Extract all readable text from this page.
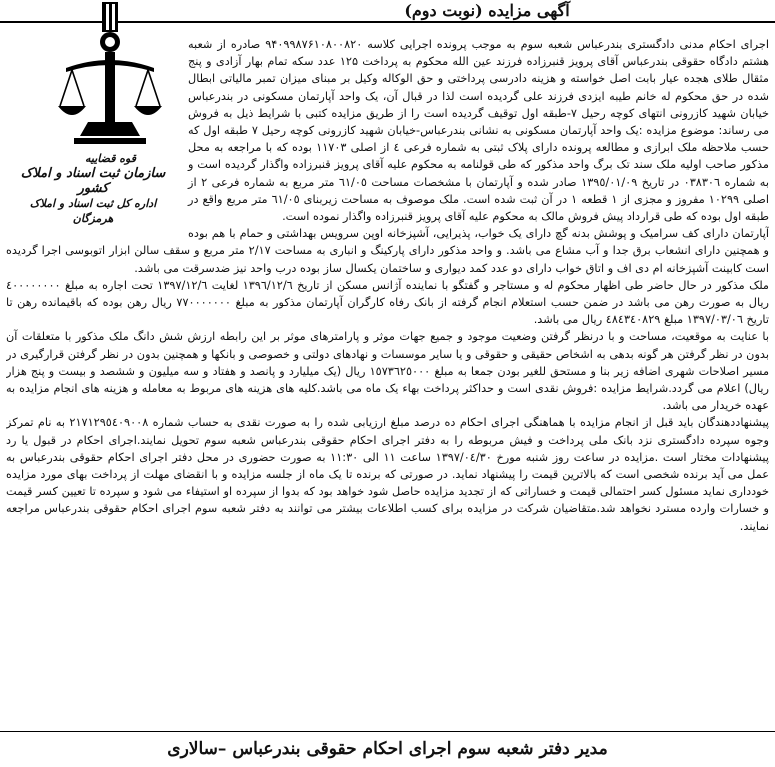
آگهی مزایده (نوبت دوم)
قوه قضاییه
سازمان ثبت اسناد و املاک کشور
اداره کل ثبت اسناد و املاک هرمزگان

اجرای احکام مدنی دادگستری بندرعباس شعبه سوم به موجب پرونده اجرایی کلاسه ۹۴۰۹۹۸۷۶۱۰۸۰۰۸۲۰ صادره از شعبه هشتم دادگاه حقوقی بندرعباس آقای پرویز قنبرزاده فرزند عین الله محکوم به پرداخت ۱۲۵ عدد سکه تمام بهار آزادی و پنج مثقال طلای هجده عیار بابت اصل خواسته و هزینه دادرسی پرداختی و حق الوکاله وکیل بر مبنای میزان تمبر مالیاتی ابطال شده در حق محکوم له خانم طیبه ایزدی فرزند علی گردیده است لذا در قبال آن، یک واحد آپارتمان مسکونی در بندرعباس خیابان شهید کازرونی انتهای کوچه رحیل ۷-طبقه اول توقیف گردیده است را از طریق مزایده کتبی با شرایط ذیل به فروش می رساند: موضوع مزایده :یک واحد آپارتمان مسکونی به نشانی بندرعباس-خیابان شهید کازرونی کوچه رحیل ۷ طبقه اول که حسب ملاحظه ملک ابرازی و مطالعه پرونده دارای پلاک ثبتی به شماره فرعی ٤ از اصلی ۱۱۷۰۳ بوده که با مراجعه به محل مذکور صاحب اولیه ملک سند تک برگ واحد مذکور که طی قولنامه به محکوم علیه آقای پرویز قنبرزاده واگذار گردیده است و به شماره ۰۳۸۳۰٦ در تاریخ ۱۳۹٥/۰۱/۰۹ صادر شده و آپارتمان با مشخصات مساحت ٦۱/۰٥ متر مربع به شماره فرعی ۲ از اصلی ۱۰۲۹۹ مفروز و مجزی از ۱ قطعه ۱ در آن ثبت شده است. ملک موصوف به مساحت زیربنای ٦۱/۰٥ متر مربع واقع در طبقه اول بوده که طی قرارداد پیش فروش مالک به محکوم علیه آقای پرویز قنبرزاده واگذار نموده است.

آپارتمان دارای کف سرامیک و پوشش بدنه گچ دارای یک خواب، پذیرایی، آشپزخانه اوپن سرویس بهداشتی و حمام با هم بوده و همچنین دارای انشعاب برق جدا و آب مشاع می باشد. و واحد مذکور دارای پارکینگ و انباری به مساحت ۲/۱۷ متر مربع و سقف سالن ابزار اتوبوسی اجرا گردیده است کابینت آشپزخانه ام دی اف و اتاق خواب دارای دو عدد کمد دیواری و ساختمان یکسال ساز بوده درب واحد نیز ضدسرقت می باشد.

ملک مذکور در حال حاضر طی اظهار محکوم له و مستاجر و گفتگو با نماینده آژانس مسکن از تاریخ ۱۳۹٦/۱۲/٦ لغایت ۱۳۹۷/۱۲/٦ تحت اجاره به مبلغ ٤۰۰۰۰۰۰۰۰ ریال به صورت رهن می باشد در ضمن حسب استعلام انجام گرفته از بانک رفاه کارگران آپارتمان مذکور به مبلغ ۷۷۰۰۰۰۰۰۰ ریال رهن بوده که باقیمانده رهن تا تاریخ ۱۳۹۷/۰۳/۰٦ مبلغ ٤۸٤۳٤۰۸۲۹ ریال می باشد.

با عنایت به موقعیت، مساحت و با درنظر گرفتن وضعیت موجود و جمیع جهات موثر و پارامترهای موثر بر این رابطه ارزش شش دانگ ملک مذکور با متعلقات آن بدون در نظر گرفتن هر گونه بدهی به اشخاص حقیقی و حقوقی و یا سایر موسسات و نهادهای دولتی و خصوصی و بانکها و همچنین بدون در نظر گرفتن قرارگیری در مسیر اصلاحات شهری اضافه زیر بنا و مستحق للغیر بودن جمعا به مبلغ ۱٥۷۳٦۲٥۰۰۰ ریال (یک میلیارد و پانصد و هفتاد و سه میلیون و ششصد و بیست و پنج هزار ریال) اعلام می گردد.شرایط مزایده :فروش نقدی است و حداکثر پرداخت بهاء یک ماه می باشد.کلیه های هزینه های مربوط به معامله و هزینه های انجام مزایده به عهده خریدار می باشد.

پیشنهاددهندگان باید قبل از انجام مزایده با هماهنگی اجرای احکام ده درصد مبلغ ارزیابی شده را به صورت نقدی به حساب شماره ۲۱۷۱۲۹٥٤۰۹۰۰۸ به نام تمرکز وجوه سپرده دادگستری نزد بانک ملی پرداخت و فیش مربوطه را به دفتر اجرای احکام حقوقی بندرعباس شعبه سوم تحویل نمایند.اجرای احکام در قبول یا رد پیشنهادات مختار است .مزایده در ساعت روز شنبه مورخ ۱۳۹۷/۰٤/۳۰ ساعت ۱۱ الی ۱۱:۳۰ به صورت حضوری در محل دفتر اجرای احکام حقوقی بندرعباس به عمل می آید برنده شخصی است که بالاترین قیمت را پیشنهاد نماید. در صورتی که برنده تا یک ماه از جلسه مزایده و با انقضای مهلت از پرداخت بهای مورد مزایده خودداری نماید مسئول کسر احتمالی قیمت و خساراتی که از تجدید مزایده حاصل شود خواهد بود که بدوا از سپرده او استیفاء می شود و سپرده تا تعیین کسر قیمت و خسارات وارده مسترد نخواهد شد.متقاضیان شرکت در مزایده برای کسب اطلاعات بیشتر می توانند به دفتر شعبه سوم اجرای احکام حقوقی بندرعباس مراجعه نمایند.

مدیر دفتر شعبه سوم اجرای احکام حقوقی بندرعباس –سالاری
